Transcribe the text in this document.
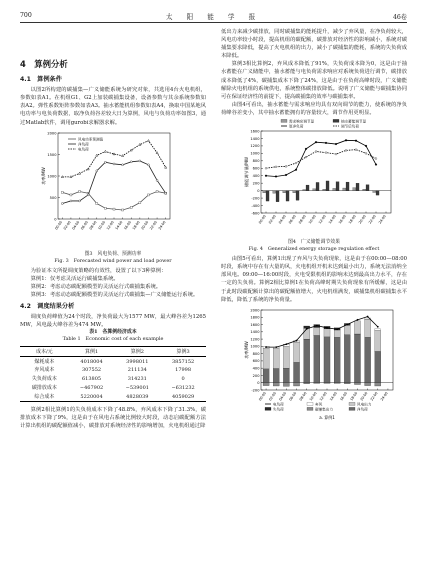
700	太 阳 能 学 报	46卷
4　算例分析
4.1　算例条件

以图2所构建的碳捕集—广义储能系统为研究对象，共选用4台火电机组，参数如表A1。在机组G1、G2上加装碳捕集设备，设备参数与其余系统参数如表A2。弹性系数矩阵参数如表A3。抽水蓄能机组参数如表A4，换取中国某地风电功率与电负荷数据，取净负荷谷差较大日为算例，风电与负荷功率如图3，通过Matlab软件，调用gurobi求解器求解。

0
500
1000
1500
2000
00:00 02:00 04:00 06:00 08:00 10:00 12:00 14:00 16:00 18:00 20:00 22:00 24:00
功率/MW
风电功率预测值
净负荷
电负荷
图3　风电负荷、预测功率
Fig. 3　Forecasted wind power and load power

为验证本文所提调度策略的有效性，设置了以下3种算例：

算例1：仅考虑灵活运行碳捕集系统。

算例2：考虑动态碳配额模型的灵活运行式碳捕集系统。

算例3：考虑动态碳配额模型的灵活运行式碳捕集—广义储能运行系统。

4.2　调度结果分析

调度负荷峰值为24个时段，净负荷最大为1577 MW，最大峰谷差为1265 MW，风电最大峰谷差为474 MW。

表1　各算例经济成本
Table 1　Economic cost of each example
成本/元	算例1	算例2	算例3
煤耗成本	4018004	3998011	3857152
弃风成本	307552	211134	17998
失负荷成本	613805	314231	0
碳排放成本	−467902	−539001	−631232
综合成本	5220004	4828039	4059029

算例2相比算例1的失负荷成本下降了48.8%，弃风成本下降了31.3%，碳排放成本下降了9%，这是由于在风电占系统比例较大时段，动态启碳配额方法计算出机组的碳配额值减小，碳排放对系统经济性的影响增加，火电机组通过降

低出力来减少碳排放，同时碳捕集的能耗提升，减少了弃风量，在净负荷较大，风电功率较小时段，提高机组的碳配额，碳排放对经济性的影响减小，系统对碳捕集要求降低，提高了火电机组的出力，减小了碳捕集的能耗，系统的失负荷成本降低。

算例3相比算例2，弃风成本降低了91%，失负荷成本降为0，这是由于抽水蓄能在广义储能中，抽水蓄能与电负荷需求响应对系统负荷进行调节，碳排放成本降低了4%，碳捕集成本下降了24%，这是由于在负荷高峰时段，广义储能解除火电机组的系统供电，系统整体碳排放降低。说明了广义储能与碳捕集协同可在保证经济性的前提下，提高碳捕集的效率与碳捕集率。

由图4可看出，抽水蓄能与需求响应均具有双向调节的能力，使系统的净负荷峰谷差变小，其中抽水蓄能拥有的容量较大，调节作用更明显。

-600
-400
-200
0
200
400
600
800
1000
1200
1400
1600
00:00 02:00 04:00 06:00 08:00 10:00 12:00 14:00 16:00 18:00 20:00 22:00 24:00
储能调节量/MW
需求响应调节量	抽水蓄能调节量
原净负荷	调节后负荷
图4　广义储能调节效果
Fig. 4　Generalized energy storage regulation effect

由图5可看出，算例1出现了弃风与失负荷现象，这是由于在00:00—08:00时段，系统中存在有大量的风，火电机组开机未达到最小出力，系统无法消纳全部风电。09:00—16:00时段，火电受限机组的影响未达到最高出力水平，存在一定的失负荷。算例2相比算例1在负荷高峰时期失负荷现象有所缓解，这是由于此时段碳配额计算出的碳配额值增大，火电机组满发，碳捕集机组碳捕集水平降低，降低了系统的净负荷量。

-200
0
200
400
600
800
1000
1200
1400
1600
1800
2000
00:00 02:00 04:00 06:00 08:00 10:00 12:00 14:00 16:00 18:00 20:00 22:00 24:00
功率/MW
电负荷	弃风	风电出力
失负荷	碳捕集出力	净负荷
a. 算例1
